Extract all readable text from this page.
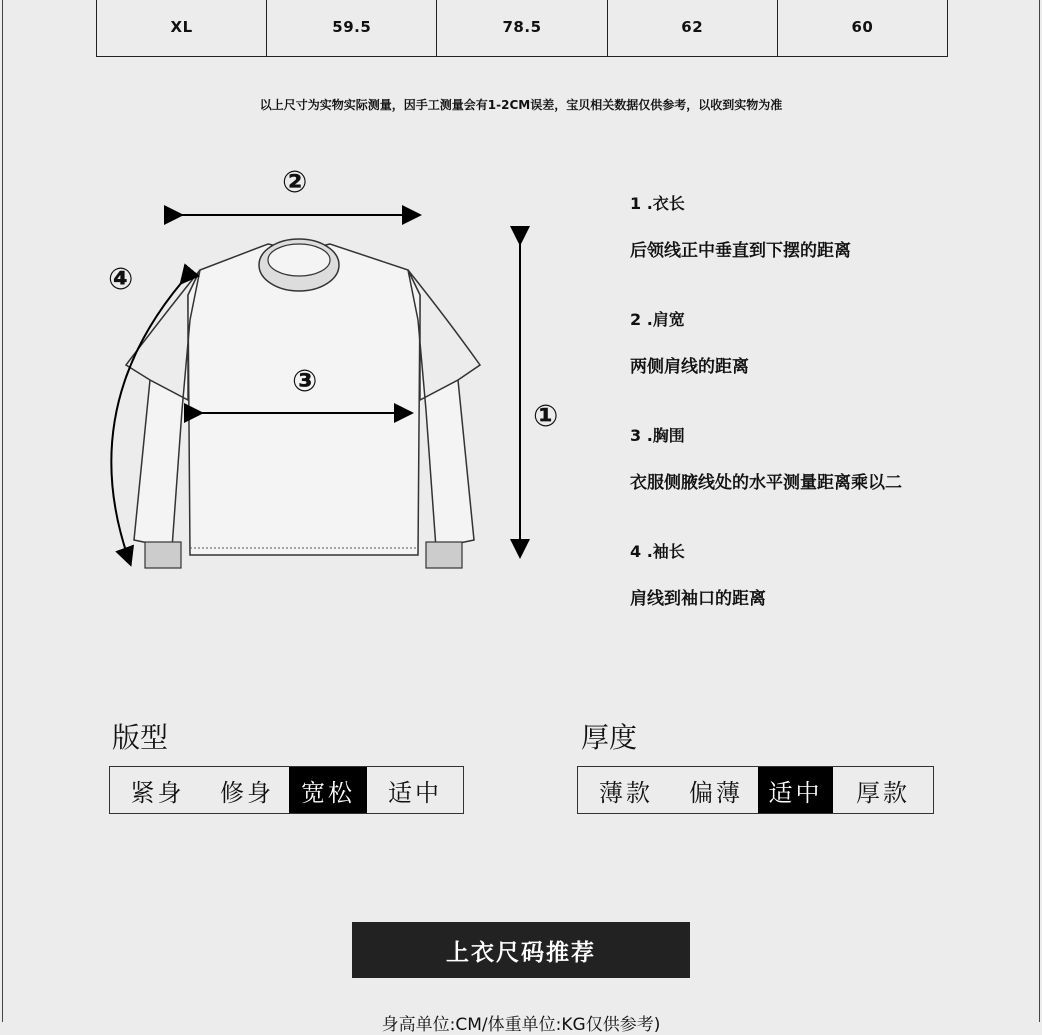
XL	59.5	78.5	62	60
以上尺寸为实物实际测量，因手工测量会有1-2CM误差，宝贝相关数据仅供参考，以收到实物为准
②
③
①
④
1 .衣长
后领线正中垂直到下摆的距离
2 .肩宽
两侧肩线的距离
3 .胸围
衣服侧腋线处的水平测量距离乘以二
4 .袖长
肩线到袖口的距离
版型
紧身	修身	宽松	适中
厚度
薄款	偏薄	适中	厚款
上衣尺码推荐
身高单位:CM/体重单位:KG仅供参考)
